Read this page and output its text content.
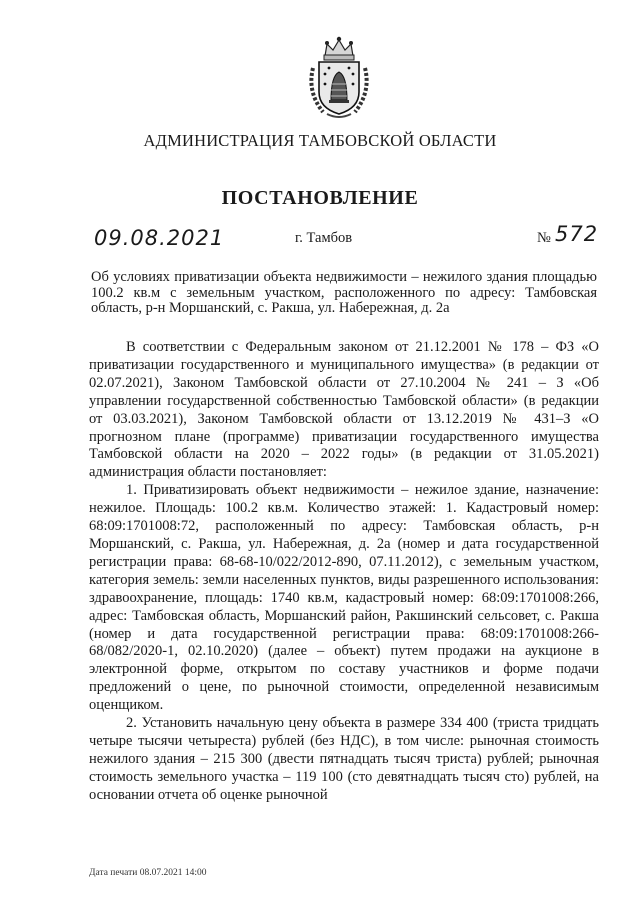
АДМИНИСТРАЦИЯ ТАМБОВСКОЙ ОБЛАСТИ
ПОСТАНОВЛЕНИЕ
09.08.2021	г. Тамбов	№ 572
Об условиях приватизации объекта недвижимости – нежилого здания площадью 100.2 кв.м с земельным участком, расположенного по адресу: Тамбовская область, р-н Моршанский, с. Ракша, ул. Набережная, д. 2а

В соответствии с Федеральным законом от 21.12.2001 № 178 – ФЗ «О приватизации государственного и муниципального имущества» (в редакции от 02.07.2021), Законом Тамбовской области от 27.10.2004 № 241 – З «Об управлении государственной собственностью Тамбовской области» (в редакции от 03.03.2021), Законом Тамбовской области от 13.12.2019 № 431–З «О прогнозном плане (программе) приватизации государственного имущества Тамбовской области на 2020 – 2022 годы» (в редакции от 31.05.2021) администрация области постановляет:

1. Приватизировать объект недвижимости – нежилое здание, назначение: нежилое. Площадь: 100.2 кв.м. Количество этажей: 1. Кадастровый номер: 68:09:1701008:72, расположенный по адресу: Тамбовская область, р-н Моршанский, с. Ракша, ул. Набережная, д. 2а (номер и дата государственной регистрации права: 68-68-10/022/2012-890, 07.11.2012), с земельным участком, категория земель: земли населенных пунктов, виды разрешенного использования: здравоохранение, площадь: 1740 кв.м, кадастровый номер: 68:09:1701008:266, адрес: Тамбовская область, Моршанский район, Ракшинский сельсовет, с. Ракша (номер и дата государственной регистрации права: 68:09:1701008:266-68/082/2020-1, 02.10.2020) (далее – объект) путем продажи на аукционе в электронной форме, открытом по составу участников и форме подачи предложений о цене, по рыночной стоимости, определенной независимым оценщиком.

2. Установить начальную цену объекта в размере 334 400 (триста тридцать четыре тысячи четыреста) рублей (без НДС), в том числе: рыночная стоимость нежилого здания – 215 300 (двести пятнадцать тысяч триста) рублей; рыночная стоимость земельного участка – 119 100 (сто девятнадцать тысяч сто) рублей, на основании отчета об оценке рыночной

Дата печати 08.07.2021 14:00
